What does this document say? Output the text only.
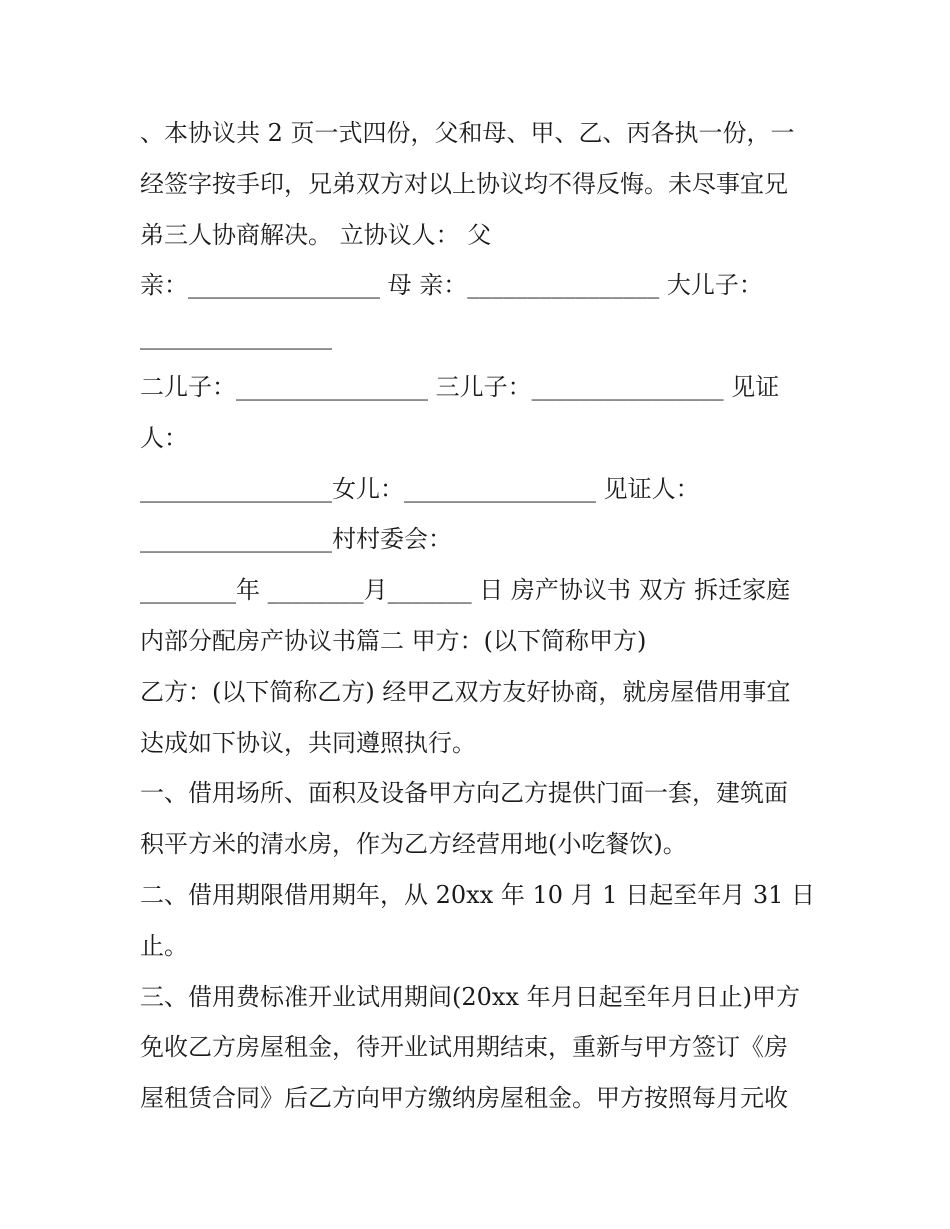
、本协议共 2 页一式四份，父和母、甲、乙、丙各执一份，一
经签字按手印，兄弟双方对以上协议均不得反悔。未尽事宜兄
弟三人协商解决。 立协议人： 父
亲：________________ 母 亲：________________ 大儿子：
________________
二儿子：________________ 三儿子：________________ 见证
人：
________________女儿：________________ 见证人：
________________村村委会：
________年 ________月_______ 日 房产协议书 双方 拆迁家庭
内部分配房产协议书篇二 甲方：(以下简称甲方)
乙方：(以下简称乙方) 经甲乙双方友好协商，就房屋借用事宜
达成如下协议，共同遵照执行。
一、借用场所、面积及设备甲方向乙方提供门面一套，建筑面
积平方米的清水房，作为乙方经营用地(小吃餐饮)。
二、借用期限借用期年，从 20xx 年 10 月 1 日起至年月 31 日
止。
三、借用费标准开业试用期间(20xx 年月日起至年月日止)甲方
免收乙方房屋租金，待开业试用期结束，重新与甲方签订《房
屋租赁合同》后乙方向甲方缴纳房屋租金。甲方按照每月元收
